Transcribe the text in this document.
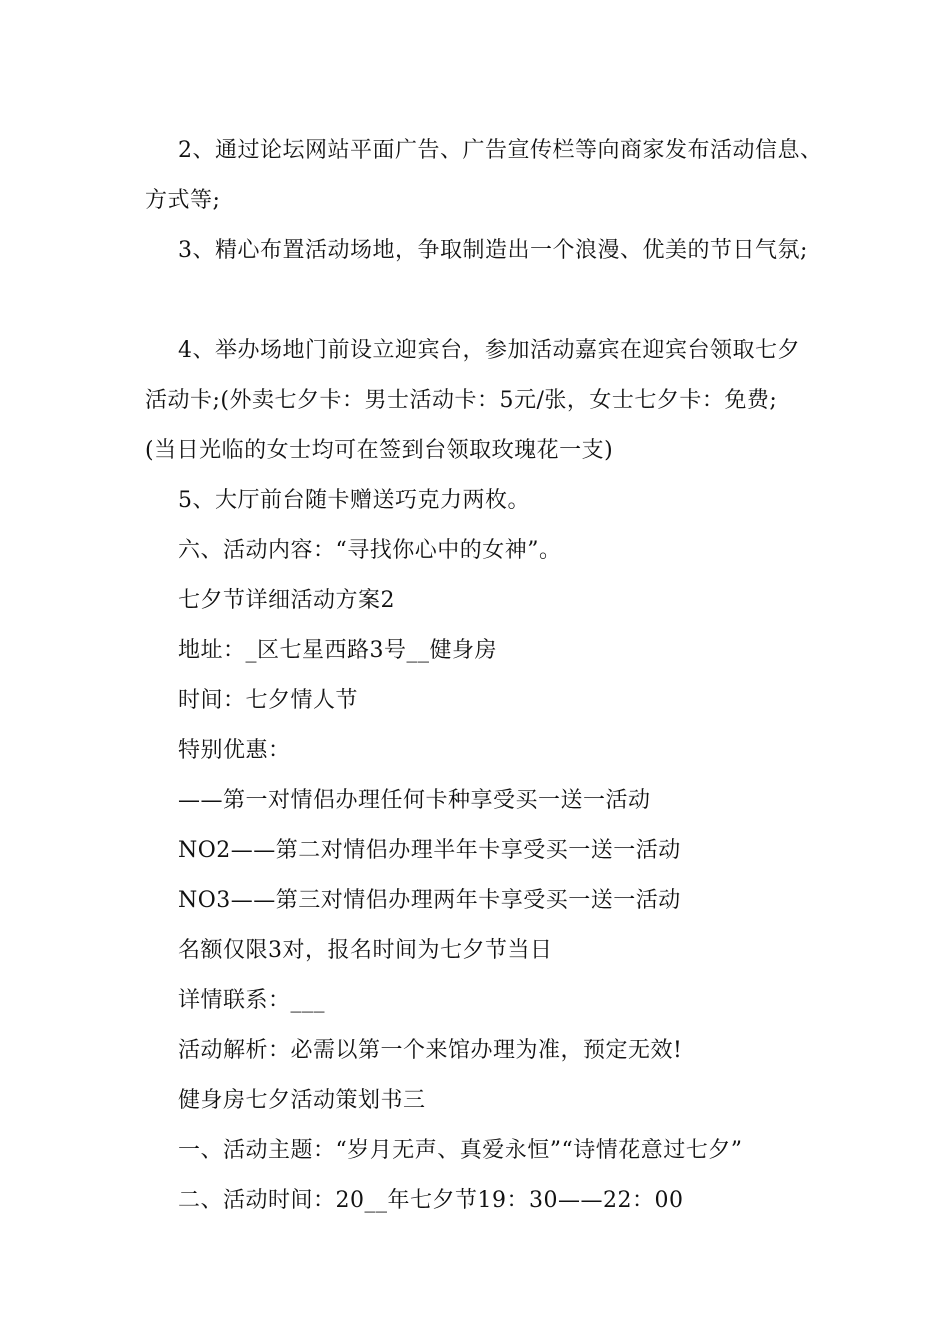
2、通过论坛网站平面广告、广告宣传栏等向商家发布活动信息、
方式等;
3、精心布置活动场地，争取制造出一个浪漫、优美的节日气氛;
4、举办场地门前设立迎宾台，参加活动嘉宾在迎宾台领取七夕
活动卡;(外卖七夕卡：男士活动卡：5元/张，女士七夕卡：免费;
(当日光临的女士均可在签到台领取玫瑰花一支)
5、大厅前台随卡赠送巧克力两枚。
六、活动内容：“寻找你心中的女神”。
七夕节详细活动方案2
地址：_区七星西路3号__健身房
时间：七夕情人节
特别优惠：
——第一对情侣办理任何卡种享受买一送一活动
NO2——第二对情侣办理半年卡享受买一送一活动
NO3——第三对情侣办理两年卡享受买一送一活动
名额仅限3对，报名时间为七夕节当日
详情联系：___
活动解析：必需以第一个来馆办理为准，预定无效!
健身房七夕活动策划书三
一、活动主题：“岁月无声、真爱永恒”“诗情花意过七夕”
二、活动时间：20__年七夕节19：30——22：00
